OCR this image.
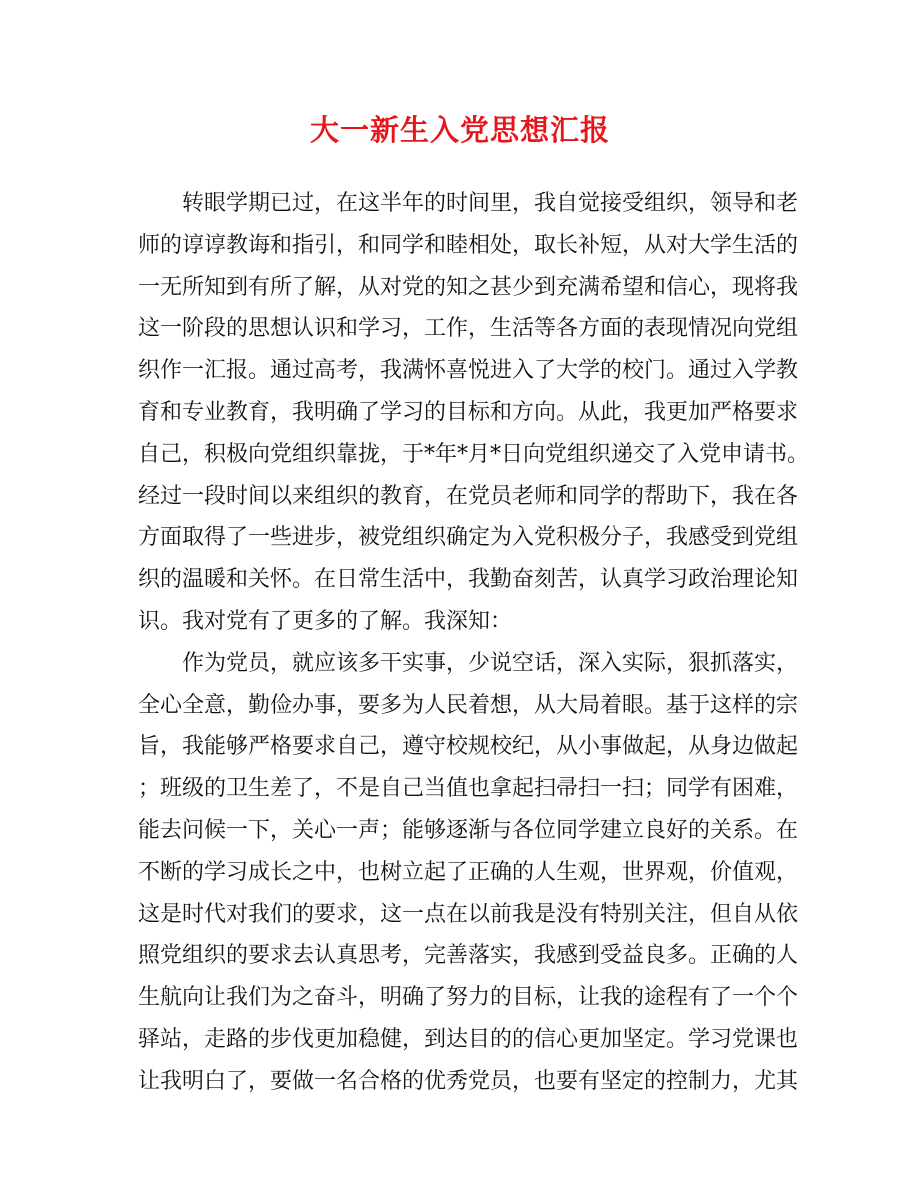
大一新生入党思想汇报
转眼学期已过，在这半年的时间里，我自觉接受组织，领导和老
师的谆谆教诲和指引，和同学和睦相处，取长补短，从对大学生活的
一无所知到有所了解，从对党的知之甚少到充满希望和信心，现将我
这一阶段的思想认识和学习，工作，生活等各方面的表现情况向党组
织作一汇报。通过高考，我满怀喜悦进入了大学的校门。通过入学教
育和专业教育，我明确了学习的目标和方向。从此，我更加严格要求
自己，积极向党组织靠拢，于*年*月*日向党组织递交了入党申请书。
经过一段时间以来组织的教育，在党员老师和同学的帮助下，我在各
方面取得了一些进步，被党组织确定为入党积极分子，我感受到党组
织的温暖和关怀。在日常生活中，我勤奋刻苦，认真学习政治理论知
识。我对党有了更多的了解。我深知：
作为党员，就应该多干实事，少说空话，深入实际，狠抓落实，
全心全意，勤俭办事，要多为人民着想，从大局着眼。基于这样的宗
旨，我能够严格要求自己，遵守校规校纪，从小事做起，从身边做起
；班级的卫生差了，不是自己当值也拿起扫帚扫一扫；同学有困难，
能去问候一下，关心一声；能够逐渐与各位同学建立良好的关系。在
不断的学习成长之中，也树立起了正确的人生观，世界观，价值观，
这是时代对我们的要求，这一点在以前我是没有特别关注，但自从依
照党组织的要求去认真思考，完善落实，我感到受益良多。正确的人
生航向让我们为之奋斗，明确了努力的目标，让我的途程有了一个个
驿站，走路的步伐更加稳健，到达目的的信心更加坚定。学习党课也
让我明白了，要做一名合格的优秀党员，也要有坚定的控制力，尤其
